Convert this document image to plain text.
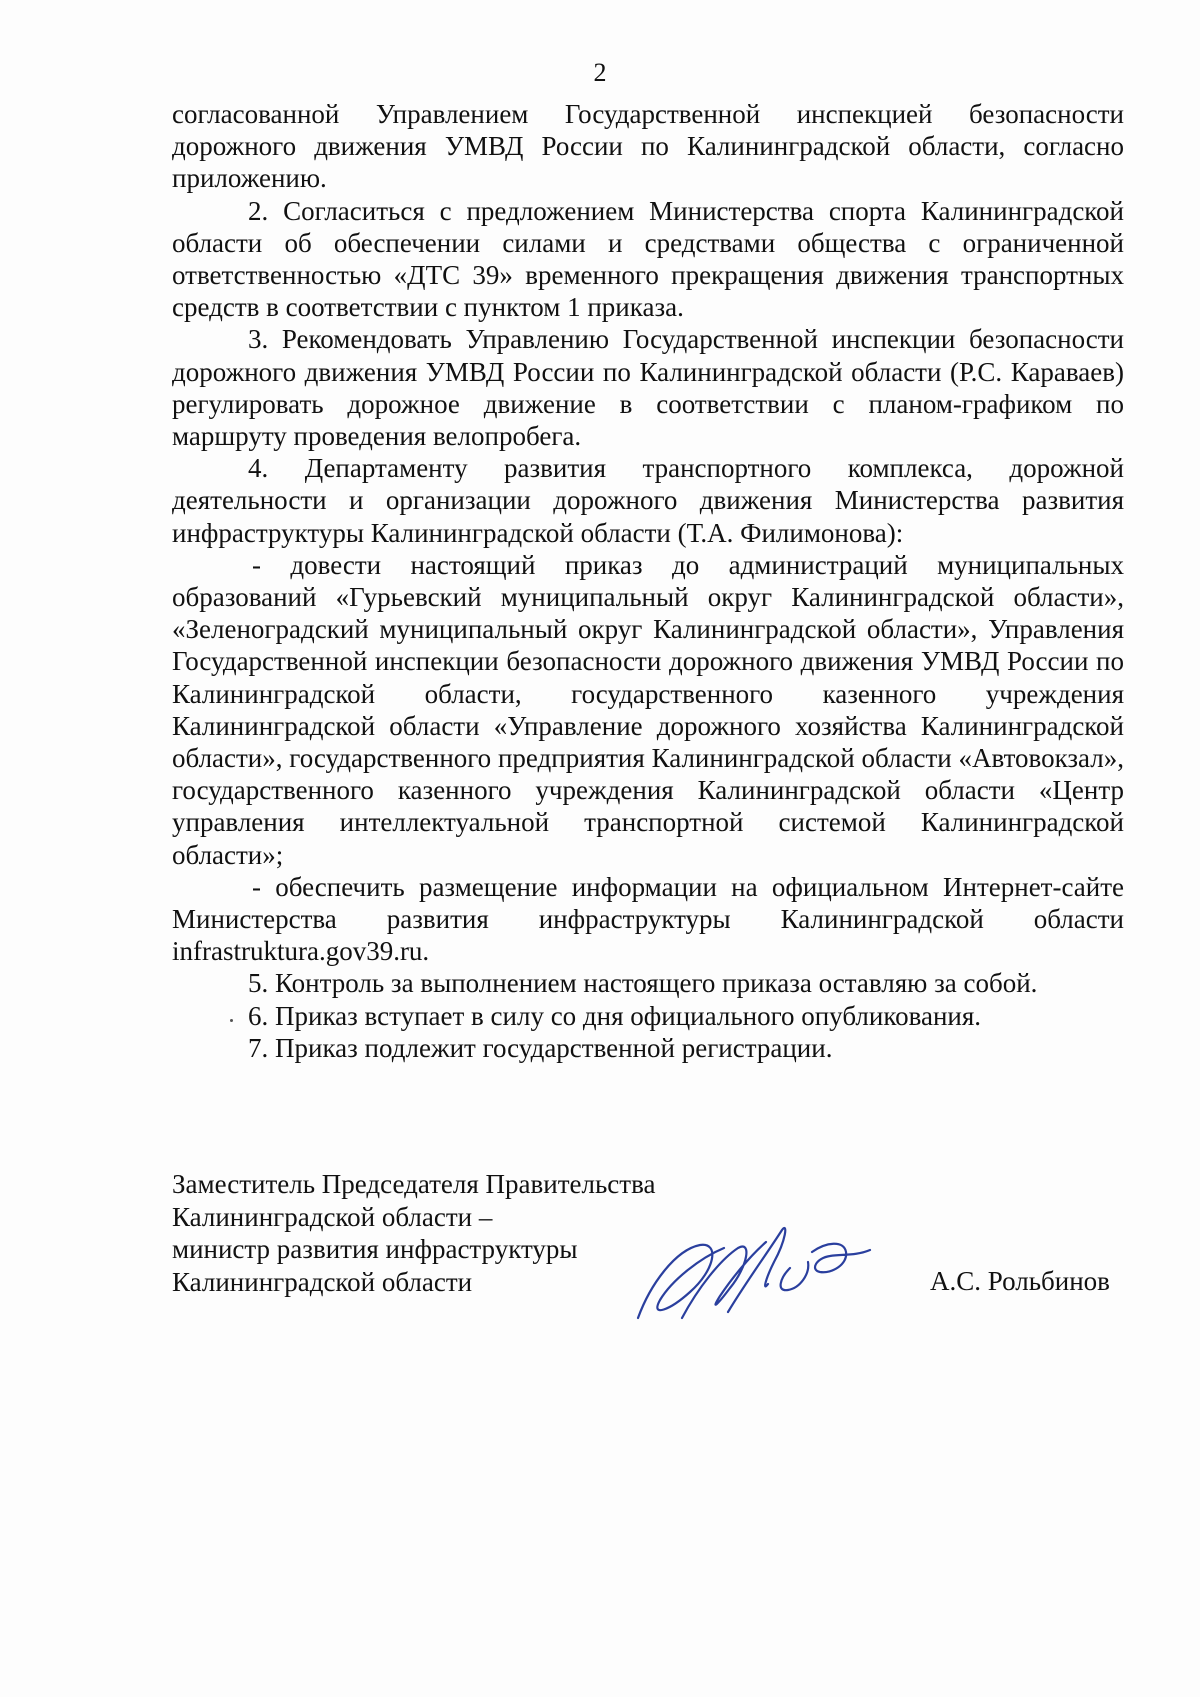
2

согласованной Управлением Государственной инспекцией безопасности дорожного движения УМВД России по Калининградской области, согласно приложению.

2. Согласиться с предложением Министерства спорта Калининградской области об обеспечении силами и средствами общества с ограниченной ответственностью «ДТС 39» временного прекращения движения транспортных средств в соответствии с пунктом 1 приказа.

3. Рекомендовать Управлению Государственной инспекции безопасности дорожного движения УМВД России по Калининградской области (Р.С. Караваев) регулировать дорожное движение в соответствии с планом-графиком по маршруту проведения велопробега.

4. Департаменту развития транспортного комплекса, дорожной деятельности и организации дорожного движения Министерства развития инфраструктуры Калининградской области (Т.А. Филимонова):

- довести настоящий приказ до администраций муниципальных образований «Гурьевский муниципальный округ Калининградской области», «Зеленоградский муниципальный округ Калининградской области», Управления Государственной инспекции безопасности дорожного движения УМВД России по Калининградской области, государственного казенного учреждения Калининградской области «Управление дорожного хозяйства Калининградской области», государственного предприятия Калининградской области «Автовокзал», государственного казенного учреждения Калининградской области «Центр управления интеллектуальной транспортной системой Калининградской области»;

- обеспечить размещение информации на официальном Интернет-сайте Министерства развития инфраструктуры Калининградской области infrastruktura.gov39.ru.

5. Контроль за выполнением настоящего приказа оставляю за собой.

6. Приказ вступает в силу со дня официального опубликования.

7. Приказ подлежит государственной регистрации.

Заместитель Председателя Правительства
Калининградской области –
министр развития инфраструктуры
Калининградской области	А.С. Рольбинов
